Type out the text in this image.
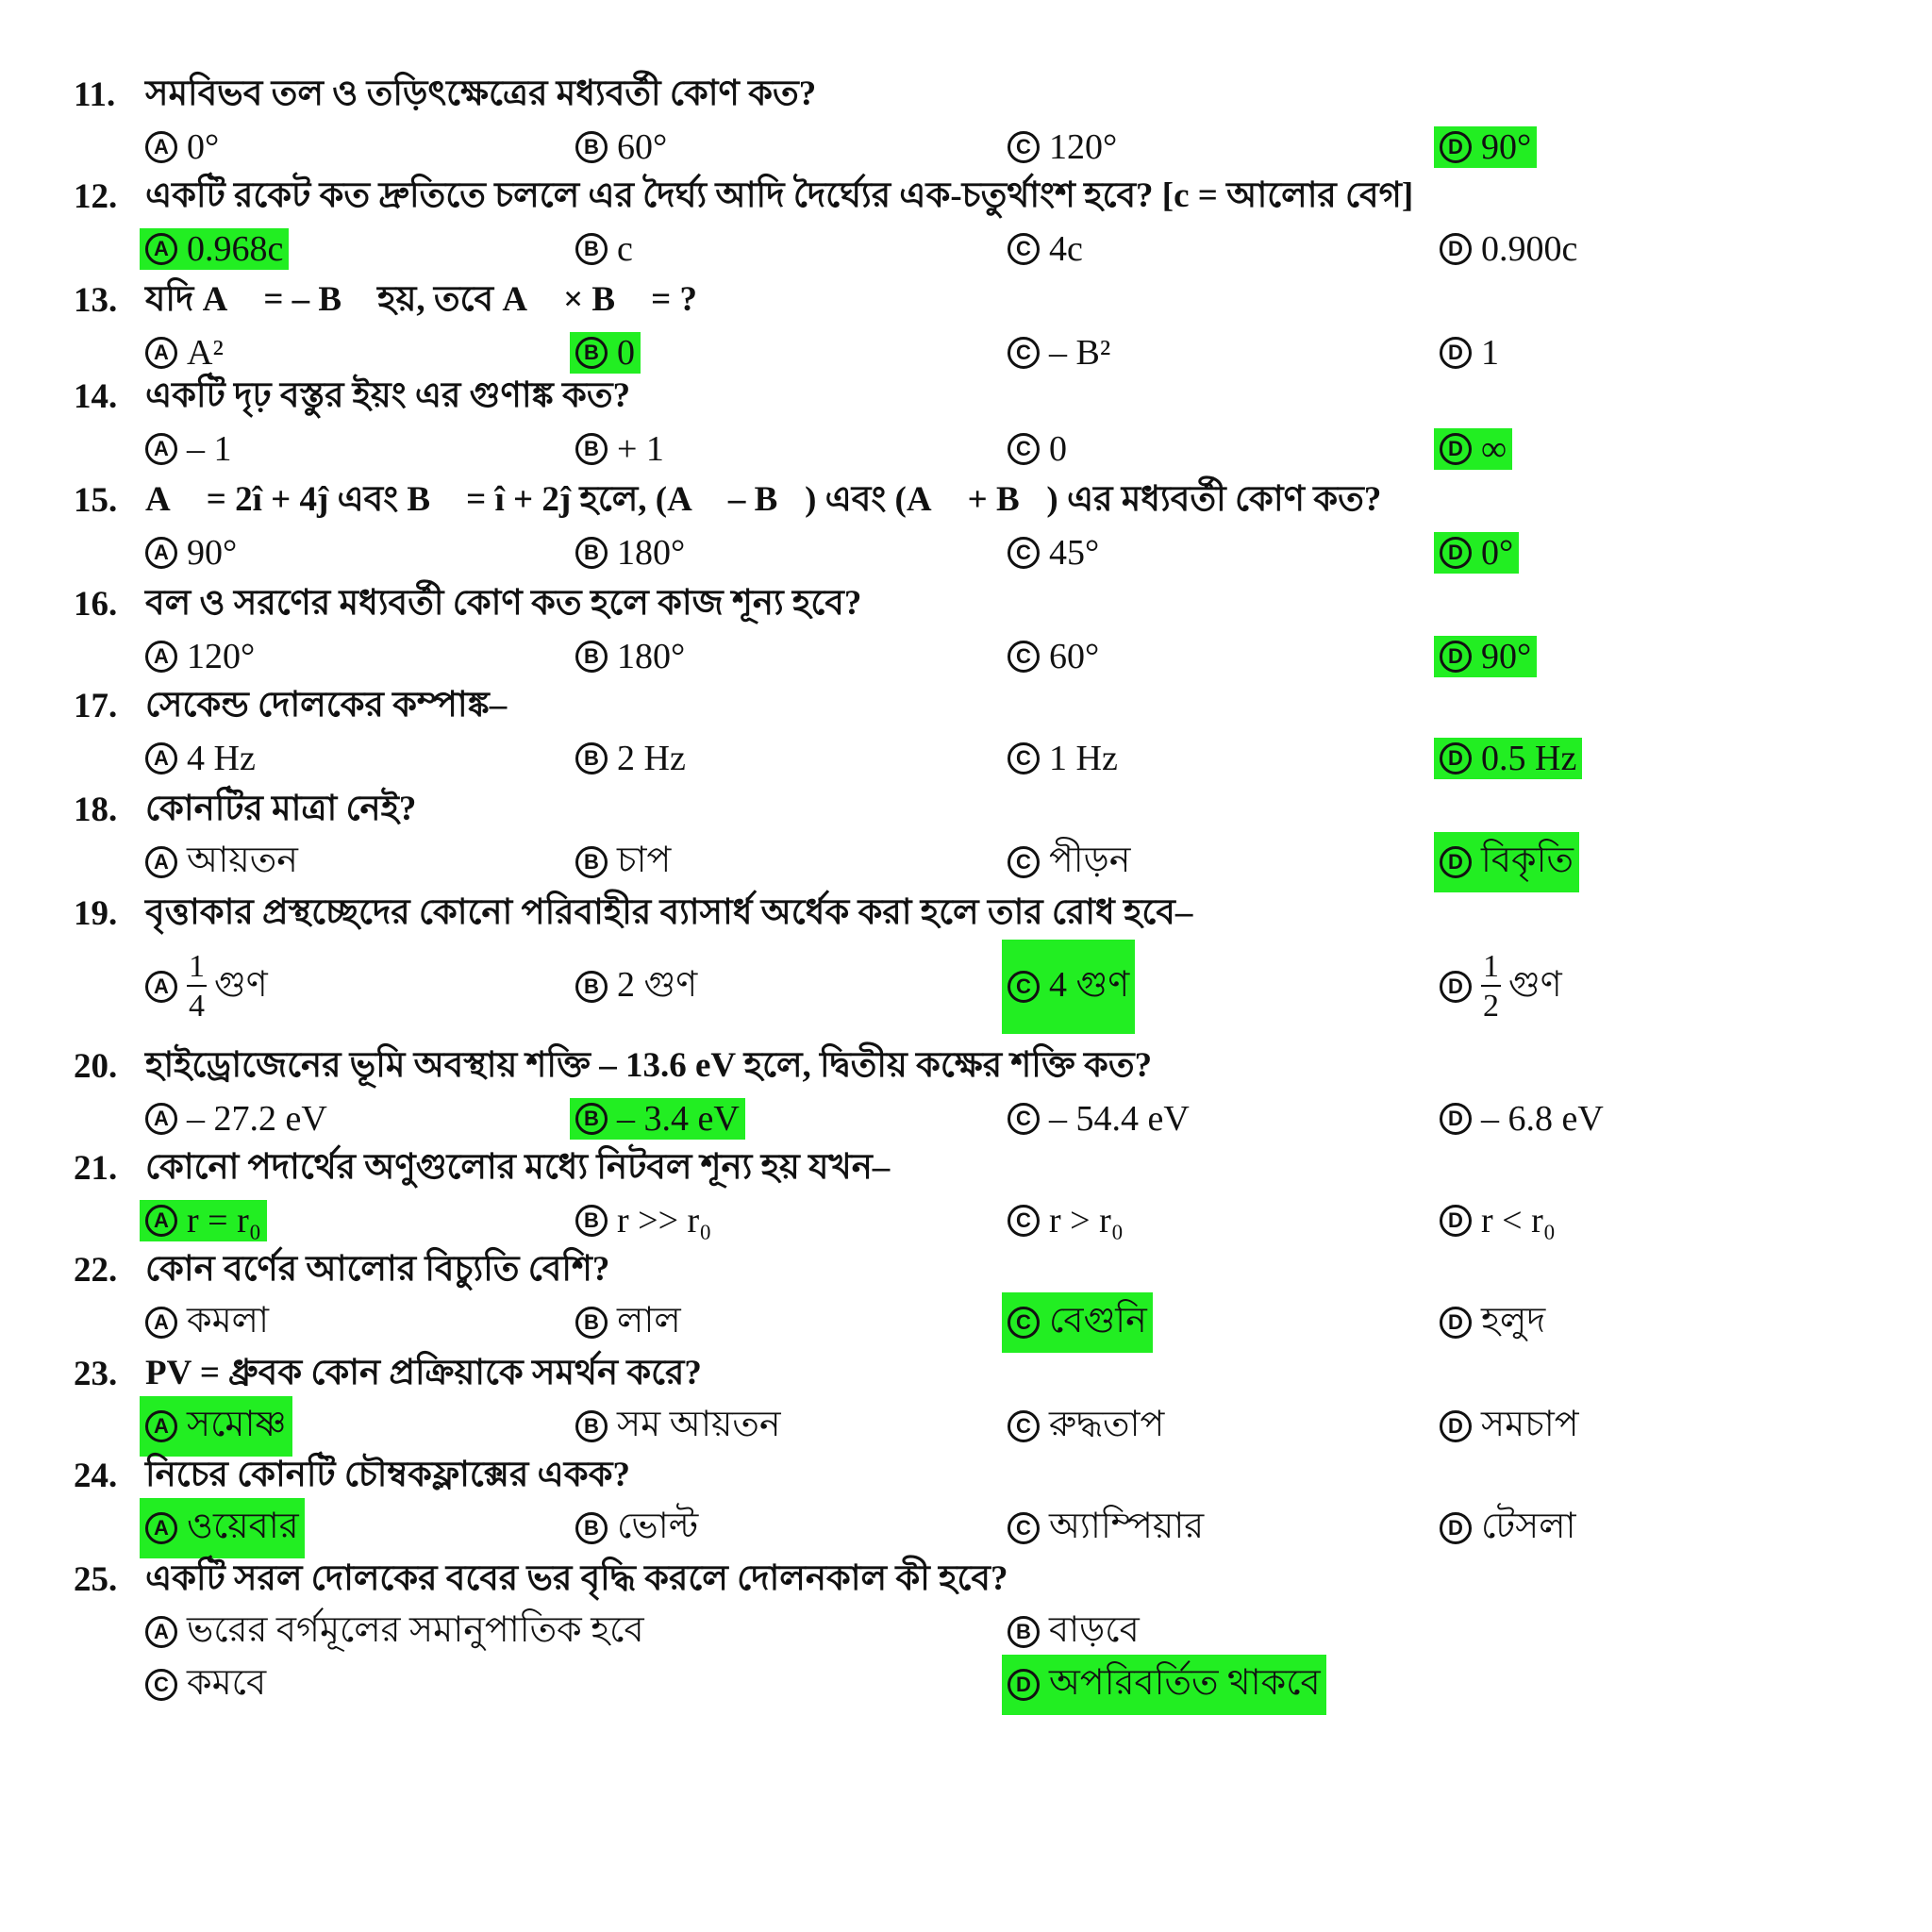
11. সমবিভব তল ও তড়িৎক্ষেত্রের মধ্যবর্তী কোণ কত?
A 0°	B 60°	C 120°	D 90°
12. একটি রকেট কত দ্রুতিতে চললে এর দৈর্ঘ্য আদি দৈর্ঘ্যের এক-চতুর্থাংশ হবে? [c = আলোর বেগ]
A 0.968c	B c	C 4c	D 0.900c
13. যদি A⃗ = – B⃗ হয়, তবে A⃗ × B⃗ = ?
A A²	B 0	C – B²	D 1
14. একটি দৃঢ় বস্তুর ইয়ং এর গুণাঙ্ক কত?
A – 1	B + 1	C 0	D ∞
15. A⃗ = 2î + 4ĵ এবং B⃗ = î + 2ĵ হলে, (A⃗ – B⃗) এবং (A⃗ + B⃗) এর মধ্যবর্তী কোণ কত?
A 90°	B 180°	C 45°	D 0°
16. বল ও সরণের মধ্যবর্তী কোণ কত হলে কাজ শূন্য হবে?
A 120°	B 180°	C 60°	D 90°
17. সেকেন্ড দোলকের কম্পাঙ্ক–
A 4 Hz	B 2 Hz	C 1 Hz	D 0.5 Hz
18. কোনটির মাত্রা নেই?
A আয়তন	B চাপ	C পীড়ন	D বিকৃতি
19. বৃত্তাকার প্রস্থচ্ছেদের কোনো পরিবাহীর ব্যাসার্ধ অর্ধেক করা হলে তার রোধ হবে–
A $\frac{1}{4}$ গুণ	B 2 গুণ	C 4 গুণ	D $\frac{1}{2}$ গুণ
20. হাইড্রোজেনের ভূমি অবস্থায় শক্তি – 13.6 eV হলে, দ্বিতীয় কক্ষের শক্তি কত?
A – 27.2 eV	B – 3.4 eV	C – 54.4 eV	D – 6.8 eV
21. কোনো পদার্থের অণুগুলোর মধ্যে নিটবল শূন্য হয় যখন–
A r = r₀	B r >> r₀	C r > r₀	D r < r₀
22. কোন বর্ণের আলোর বিচ্যুতি বেশি?
A কমলা	B লাল	C বেগুনি	D হলুদ
23. PV = ধ্রুবক কোন প্রক্রিয়াকে সমর্থন করে?
A সমোষ্ণ	B সম আয়তন	C রুদ্ধতাপ	D সমচাপ
24. নিচের কোনটি চৌম্বকফ্লাক্সের একক?
A ওয়েবার	B ভোল্ট	C অ্যাম্পিয়ার	D টেসলা
25. একটি সরল দোলকের ববের ভর বৃদ্ধি করলে দোলনকাল কী হবে?
A ভরের বর্গমূলের সমানুপাতিক হবে	B বাড়বে
C কমবে	D অপরিবর্তিত থাকবে
